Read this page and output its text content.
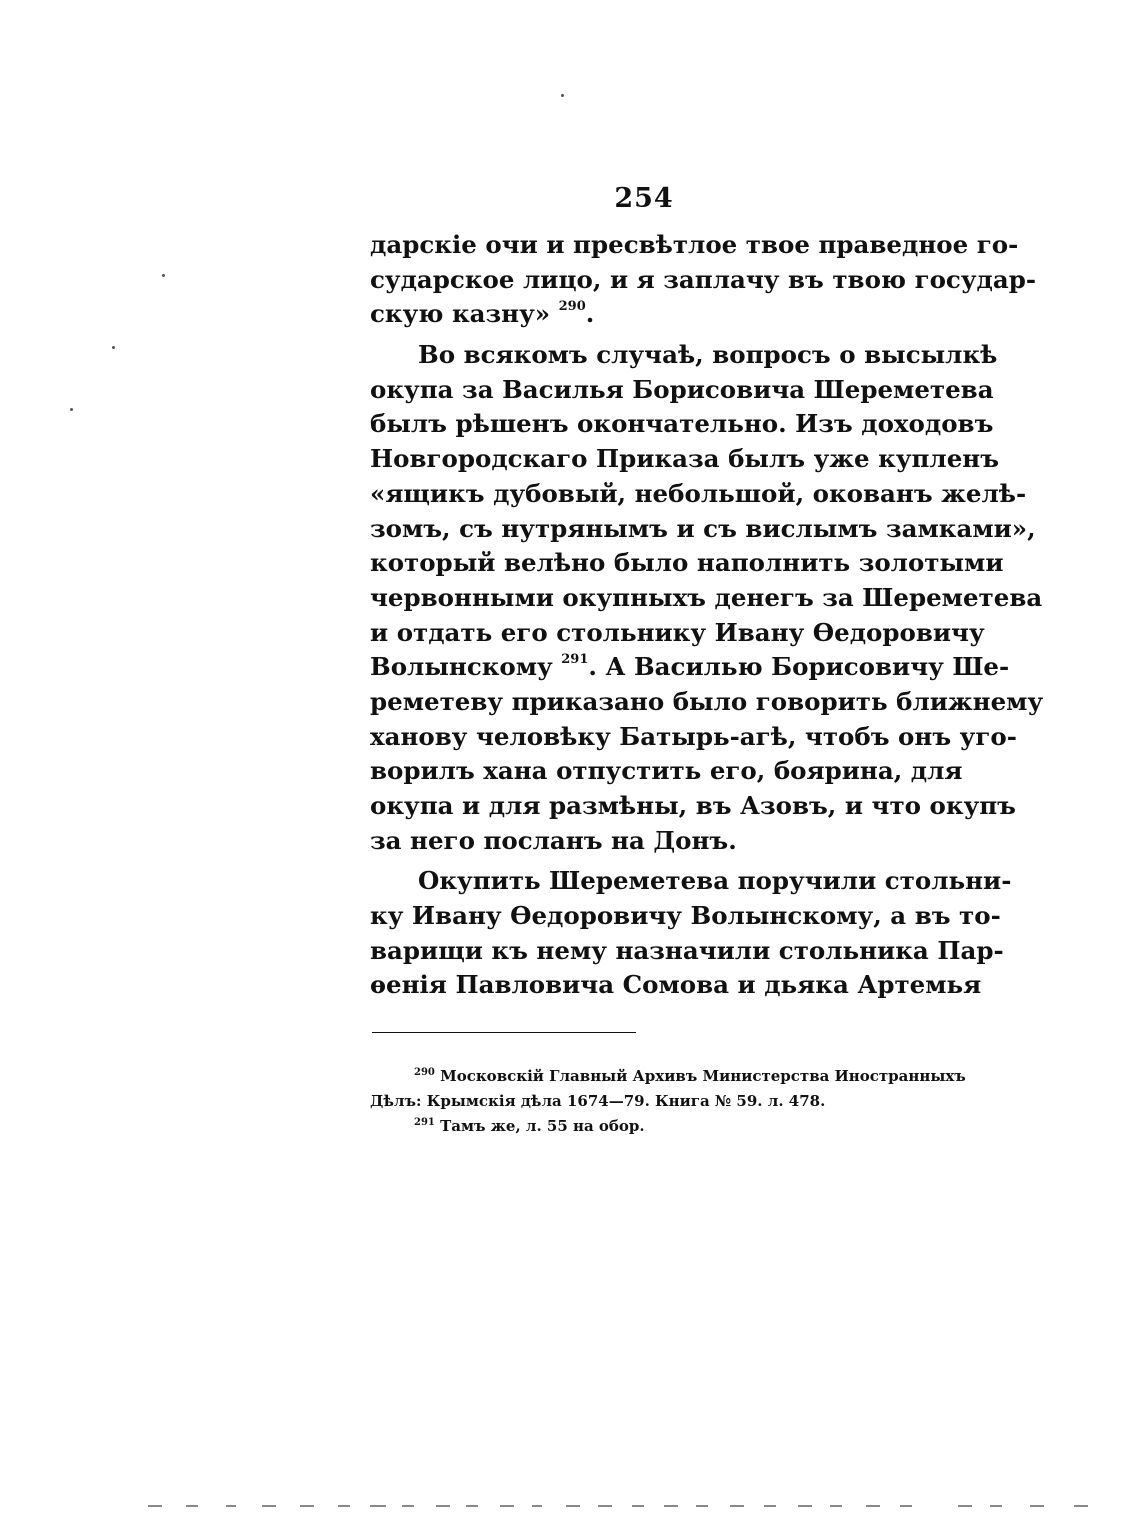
254
дарскіе очи и пресвѣтлое твое праведное го-
сударское лицо, и я заплачу въ твою государ-
скую казну» $^{290}$.
Во всякомъ случаѣ, вопросъ о высылкѣ
окупа за Василья Борисовича Шереметева
былъ рѣшенъ окончательно. Изъ доходовъ
Новгородскаго Приказа былъ уже купленъ
«ящикъ дубовый, небольшой, окованъ желѣ-
зомъ, съ нутрянымъ и съ вислымъ замками»,
который велѣно было наполнить золотыми
червонными окупныхъ денегъ за Шереметева
и отдать его стольнику Ивану Ѳедоровичу
Волынскому $^{291}$. А Василью Борисовичу Ше-
реметеву приказано было говорить ближнему
ханову человѣку Батырь-агѣ, чтобъ онъ уго-
ворилъ хана отпустить его, боярина, для
окупа и для размѣны, въ Азовъ, и что окупъ
за него посланъ на Донъ.
Окупить Шереметева поручили стольни-
ку Ивану Ѳедоровичу Волынскому, а въ то-
варищи къ нему назначили стольника Пар-
ѳенія Павловича Сомова и дьяка Артемья
$^{290}$ Московскій Главный Архивъ Министерства Иностранныхъ
Дѣлъ: Крымскія дѣла 1674—79. Книга № 59. л. 478.
$^{291}$ Тамъ же, л. 55 на обор.
